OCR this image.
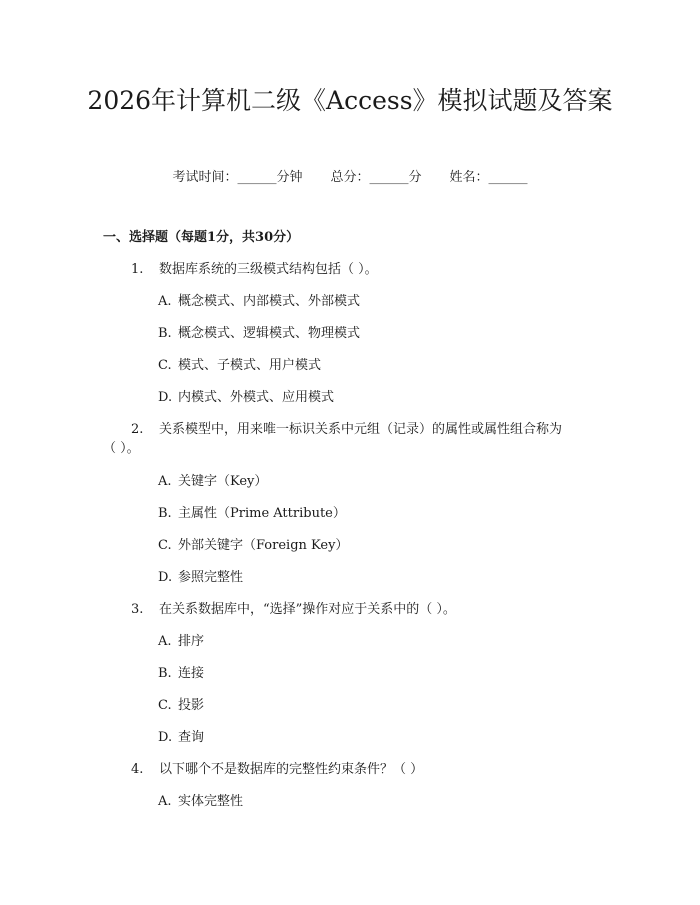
2026年计算机二级《Access》模拟试题及答案
考试时间：______分钟 总分：______分 姓名：______
一、选择题（每题1分，共30分）
1. 数据库系统的三级模式结构包括（ ）。
A. 概念模式、内部模式、外部模式
B. 概念模式、逻辑模式、物理模式
C. 模式、子模式、用户模式
D. 内模式、外模式、应用模式
2. 关系模型中，用来唯一标识关系中元组（记录）的属性或属性组合称为
（ ）。
A. 关键字（Key）
B. 主属性（Prime Attribute）
C. 外部关键字（Foreign Key）
D. 参照完整性
3. 在关系数据库中，“选择”操作对应于关系中的（ ）。
A. 排序
B. 连接
C. 投影
D. 查询
4. 以下哪个不是数据库的完整性约束条件？（ ）
A. 实体完整性
